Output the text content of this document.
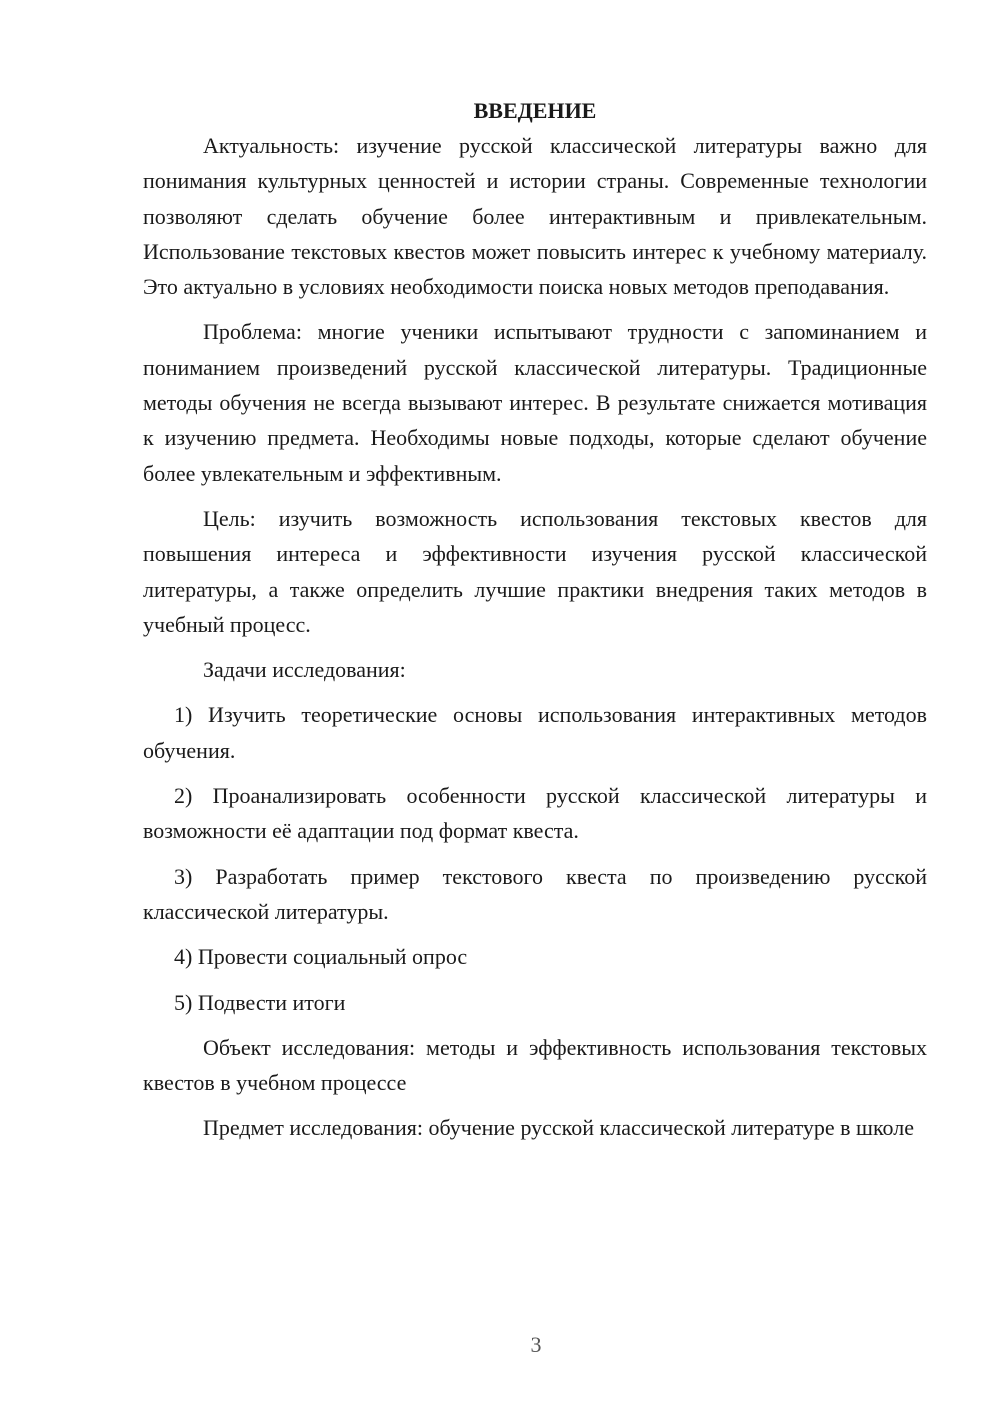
ВВЕДЕНИЕ

Актуальность: изучение русской классической литературы важно для понимания культурных ценностей и истории страны. Современные технологии позволяют сделать обучение более интерактивным и привлекательным. Использование текстовых квестов может повысить интерес к учебному материалу. Это актуально в условиях необходимости поиска новых методов преподавания.

Проблема: многие ученики испытывают трудности с запоминанием и пониманием произведений русской классической литературы. Традиционные методы обучения не всегда вызывают интерес. В результате снижается мотивация к изучению предмета. Необходимы новые подходы, которые сделают обучение более увлекательным и эффективным.

Цель: изучить возможность использования текстовых квестов для повышения интереса и эффективности изучения русской классической литературы, а также определить лучшие практики внедрения таких методов в учебный процесс.

Задачи исследования:

1) Изучить теоретические основы использования интерактивных методов обучения.

2) Проанализировать особенности русской классической литературы и возможности её адаптации под формат квеста.

3) Разработать пример текстового квеста по произведению русской классической литературы.

4) Провести социальный опрос

5) Подвести итоги

Объект исследования: методы и эффективность использования текстовых квестов в учебном процессе

Предмет исследования: обучение русской классической литературе в школе

3
